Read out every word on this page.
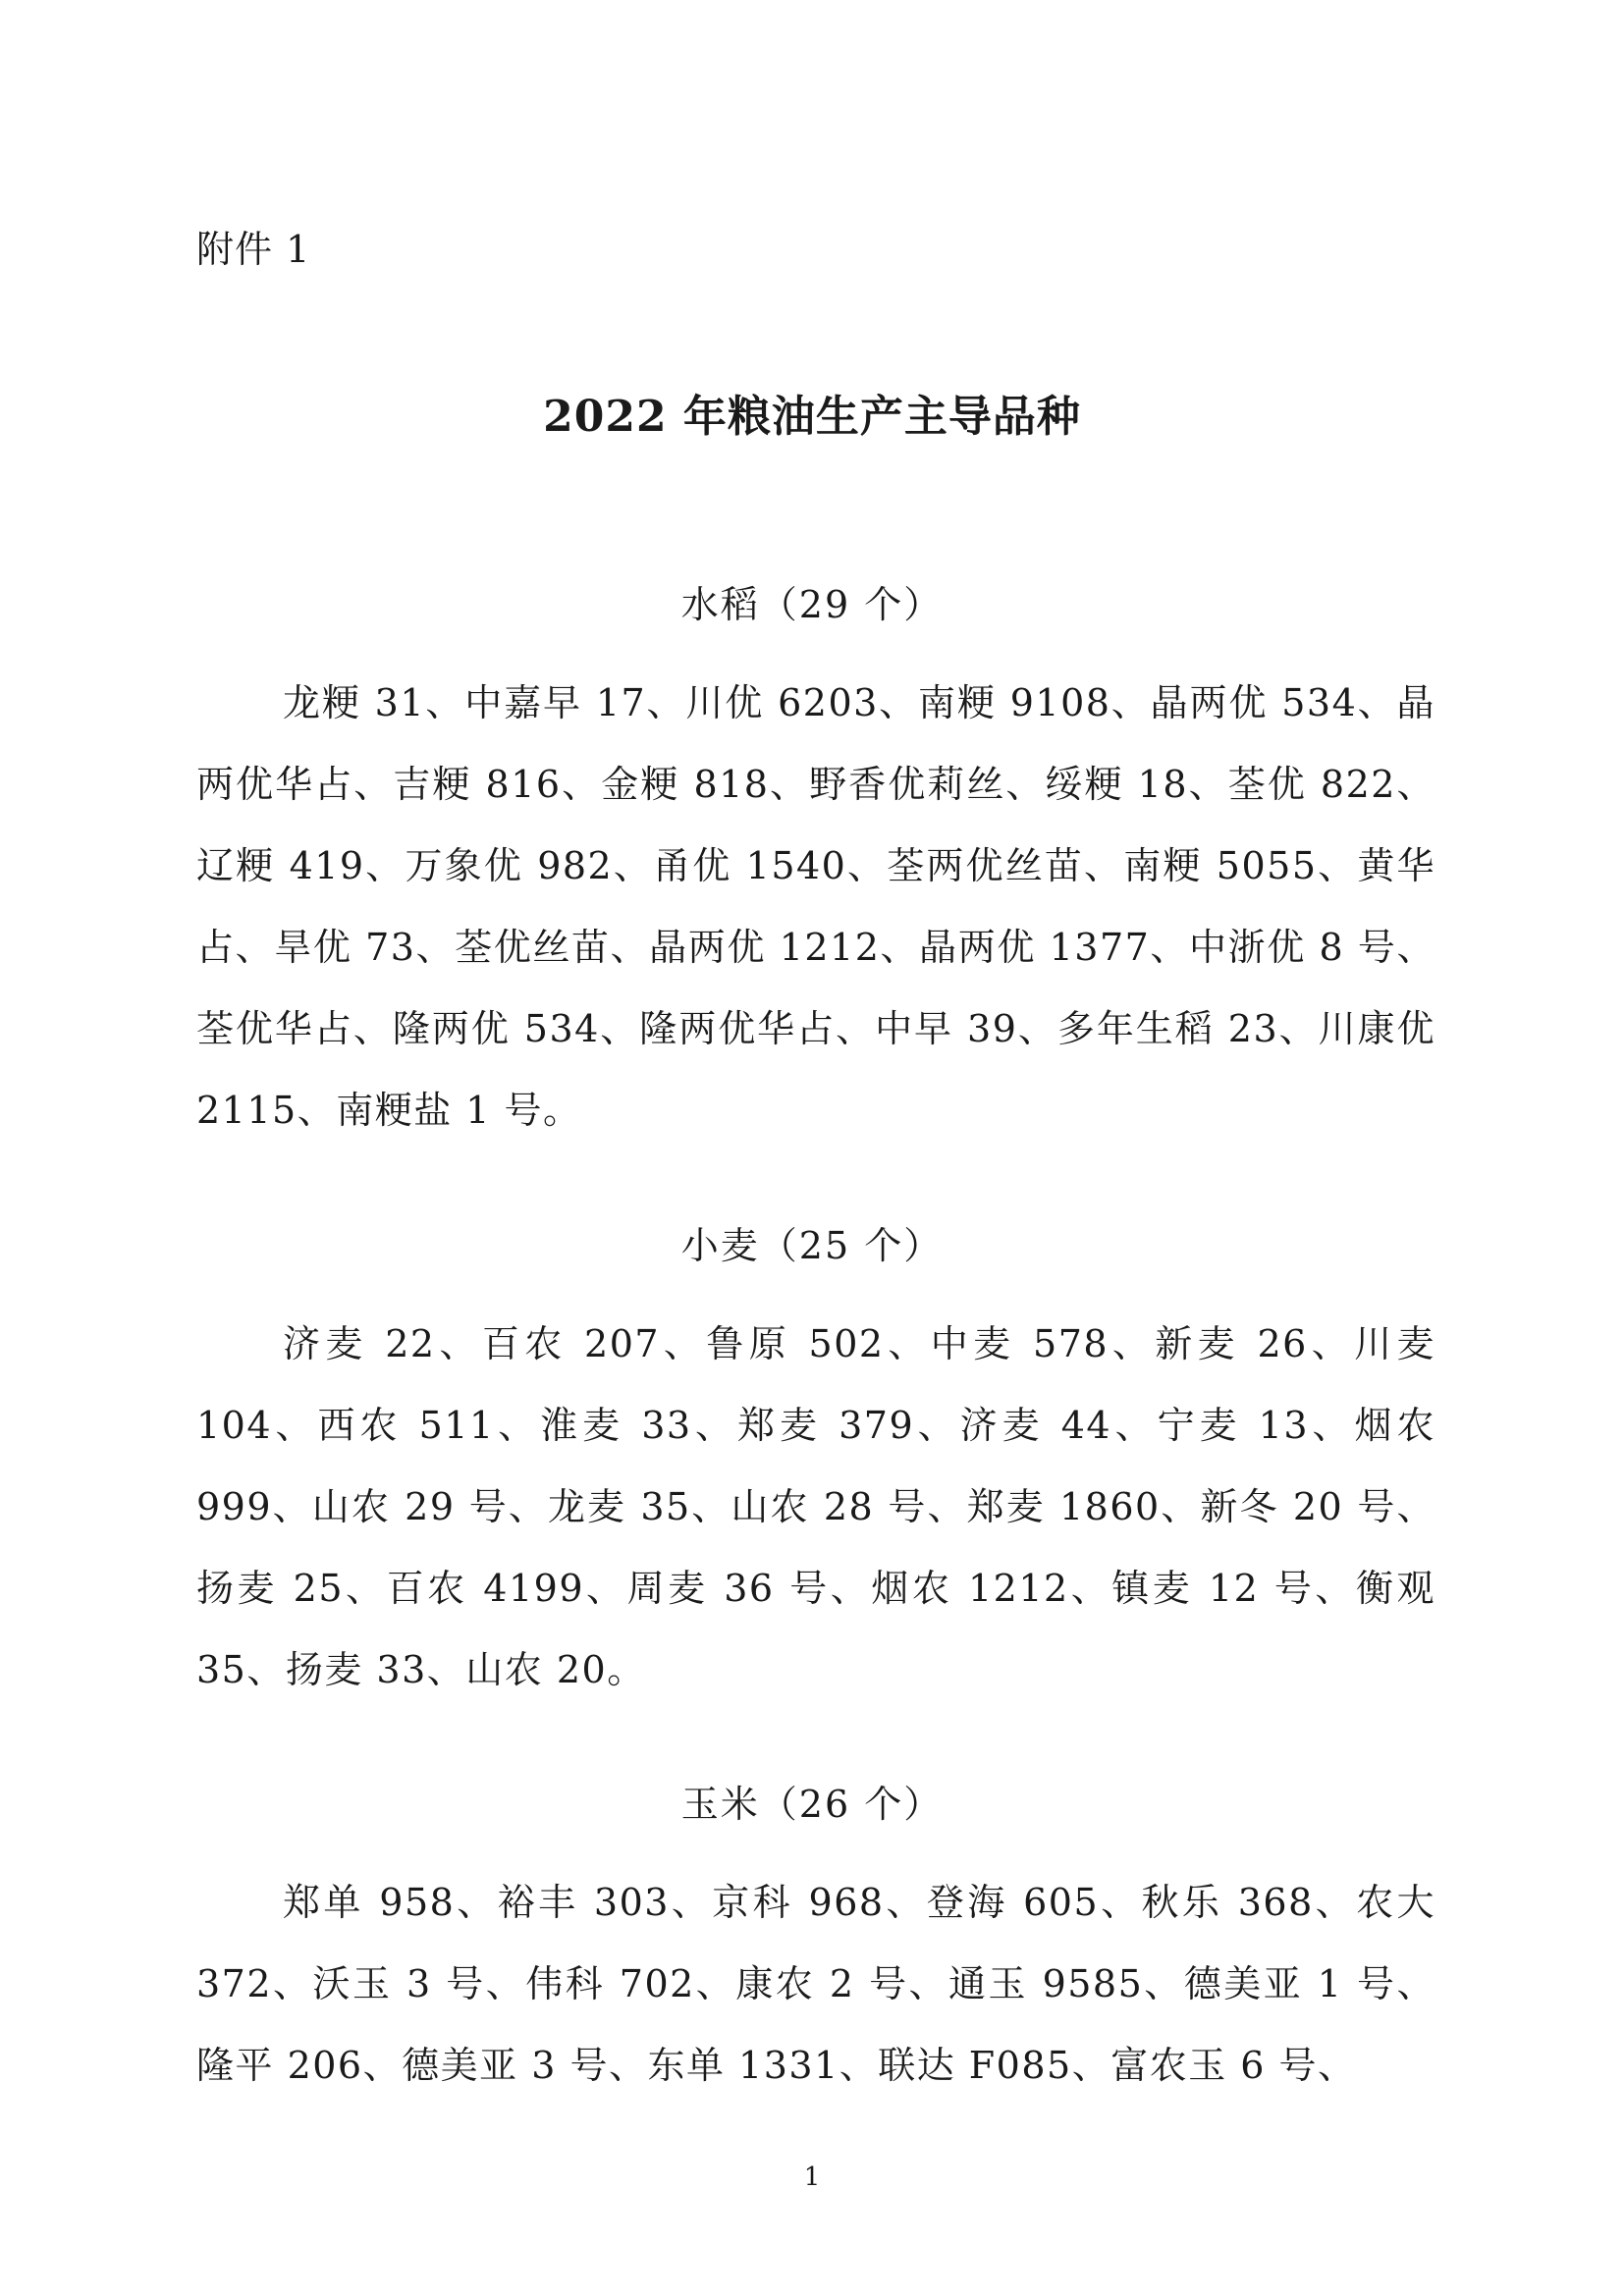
附件 1
2022 年粮油生产主导品种
水稻（29 个）

龙粳 31、中嘉早 17、川优 6203、南粳 9108、晶两优 534、晶两优华占、吉粳 816、金粳 818、野香优莉丝、绥粳 18、荃优 822、辽粳 419、万象优 982、甬优 1540、荃两优丝苗、南粳 5055、黄华占、旱优 73、荃优丝苗、晶两优 1212、晶两优 1377、中浙优 8 号、荃优华占、隆两优 534、隆两优华占、中早 39、多年生稻 23、川康优 2115、南粳盐 1 号。

小麦（25 个）

济麦 22、百农 207、鲁原 502、中麦 578、新麦 26、川麦 104、西农 511、淮麦 33、郑麦 379、济麦 44、宁麦 13、烟农 999、山农 29 号、龙麦 35、山农 28 号、郑麦 1860、新冬 20 号、扬麦 25、百农 4199、周麦 36 号、烟农 1212、镇麦 12 号、衡观 35、扬麦 33、山农 20。

玉米（26 个）

郑单 958、裕丰 303、京科 968、登海 605、秋乐 368、农大 372、沃玉 3 号、伟科 702、康农 2 号、通玉 9585、德美亚 1 号、隆平 206、德美亚 3 号、东单 1331、联达 F085、富农玉 6 号、

1
